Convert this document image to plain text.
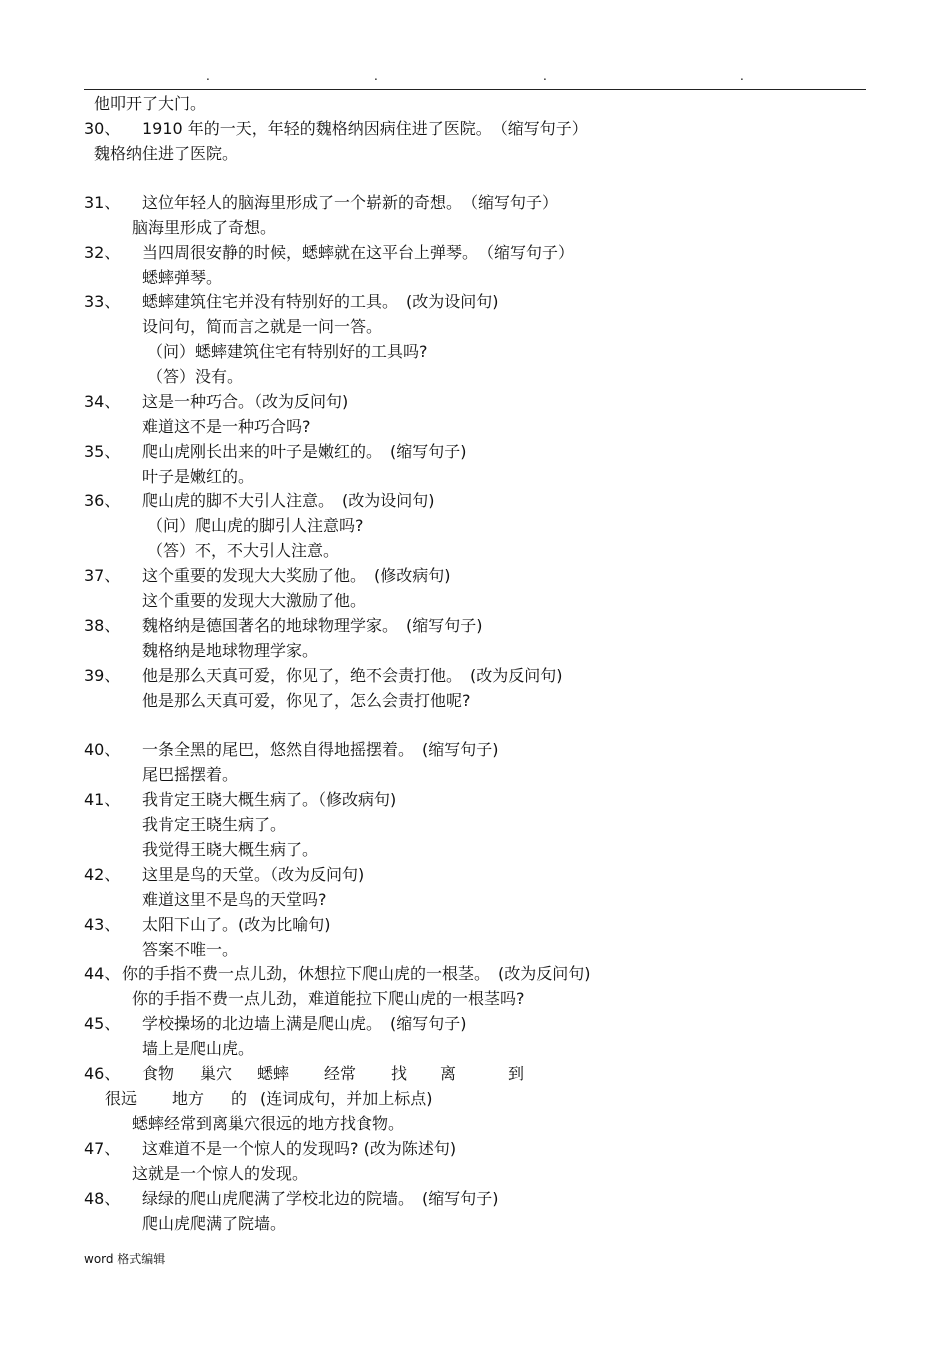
.	.	.	.
他叩开了大门。
30、 1910 年的一天，年轻的魏格纳因病住进了医院。　（缩写句子）
魏格纳住进了医院。
31、 这位年轻人的脑海里形成了一个崭新的奇想。　（缩写句子）
脑海里形成了奇想。
32、 当四周很安静的时候，蟋蟀就在这平台上弹琴。　（缩写句子）
蟋蟀弹琴。
33、 蟋蟀建筑住宅并没有特别好的工具。　(改为设问句)
设问句，简而言之就是一问一答。
（问）蟋蟀建筑住宅有特别好的工具吗?
（答）没有。
34、 这是一种巧合。（改为反问句)
难道这不是一种巧合吗?
35、 爬山虎刚长出来的叶子是嫩红的。　(缩写句子)
叶子是嫩红的。
36、 爬山虎的脚不大引人注意。　(改为设问句)
（问）爬山虎的脚引人注意吗?
（答）不，不大引人注意。
37、 这个重要的发现大大奖励了他。　(修改病句)
这个重要的发现大大激励了他。
38、 魏格纳是德国著名的地球物理学家。　(缩写句子)
魏格纳是地球物理学家。
39、 他是那么天真可爱，你见了，绝不会责打他。　(改为反问句)
他是那么天真可爱，你见了，怎么会责打他呢?
40、 一条全黑的尾巴，悠然自得地摇摆着。　(缩写句子)
尾巴摇摆着。
41、 我肯定王晓大概生病了。（修改病句)
我肯定王晓生病了。
我觉得王晓大概生病了。
42、 这里是鸟的天堂。（改为反问句)
难道这里不是鸟的天堂吗?
43、 太阳下山了。(改为比喻句)
答案不唯一。
44、 你的手指不费一点儿劲，休想拉下爬山虎的一根茎。　(改为反问句)
你的手指不费一点儿劲，难道能拉下爬山虎的一根茎吗?
45、 学校操场的北边墙上满是爬山虎。　(缩写句子)
墙上是爬山虎。
46、 食物 巢穴 蟋蟀 经常 找 离	到
很远 地方 的 (连词成句，并加上标点)
蟋蟀经常到离巢穴很远的地方找食物。
47、 这难道不是一个惊人的发现吗? (改为陈述句)
这就是一个惊人的发现。
48、 绿绿的爬山虎爬满了学校北边的院墙。　(缩写句子)
爬山虎爬满了院墙。
word 格式编辑
